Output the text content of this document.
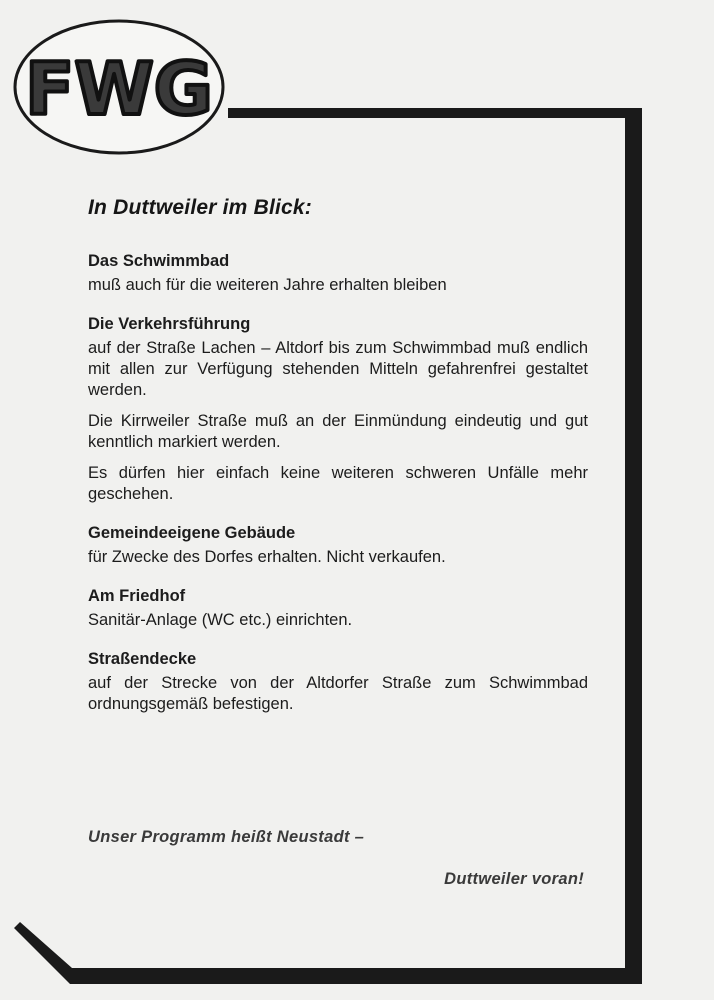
FWG
In Duttweiler im Blick:
Das Schwimmbad

muß auch für die weiteren Jahre erhalten bleiben

Die Verkehrsführung

auf der Straße Lachen – Altdorf bis zum Schwimmbad muß endlich mit allen zur Verfügung stehenden Mitteln gefahrenfrei gestaltet werden.

Die Kirrweiler Straße muß an der Einmündung eindeutig und gut kenntlich markiert werden.

Es dürfen hier einfach keine weiteren schweren Unfälle mehr geschehen.

Gemeindeeigene Gebäude

für Zwecke des Dorfes erhalten. Nicht verkaufen.

Am Friedhof

Sanitär-Anlage (WC etc.) einrichten.

Straßendecke

auf der Strecke von der Altdorfer Straße zum Schwimmbad ordnungsgemäß befestigen.

Unser Programm heißt Neustadt –
Duttweiler voran!
